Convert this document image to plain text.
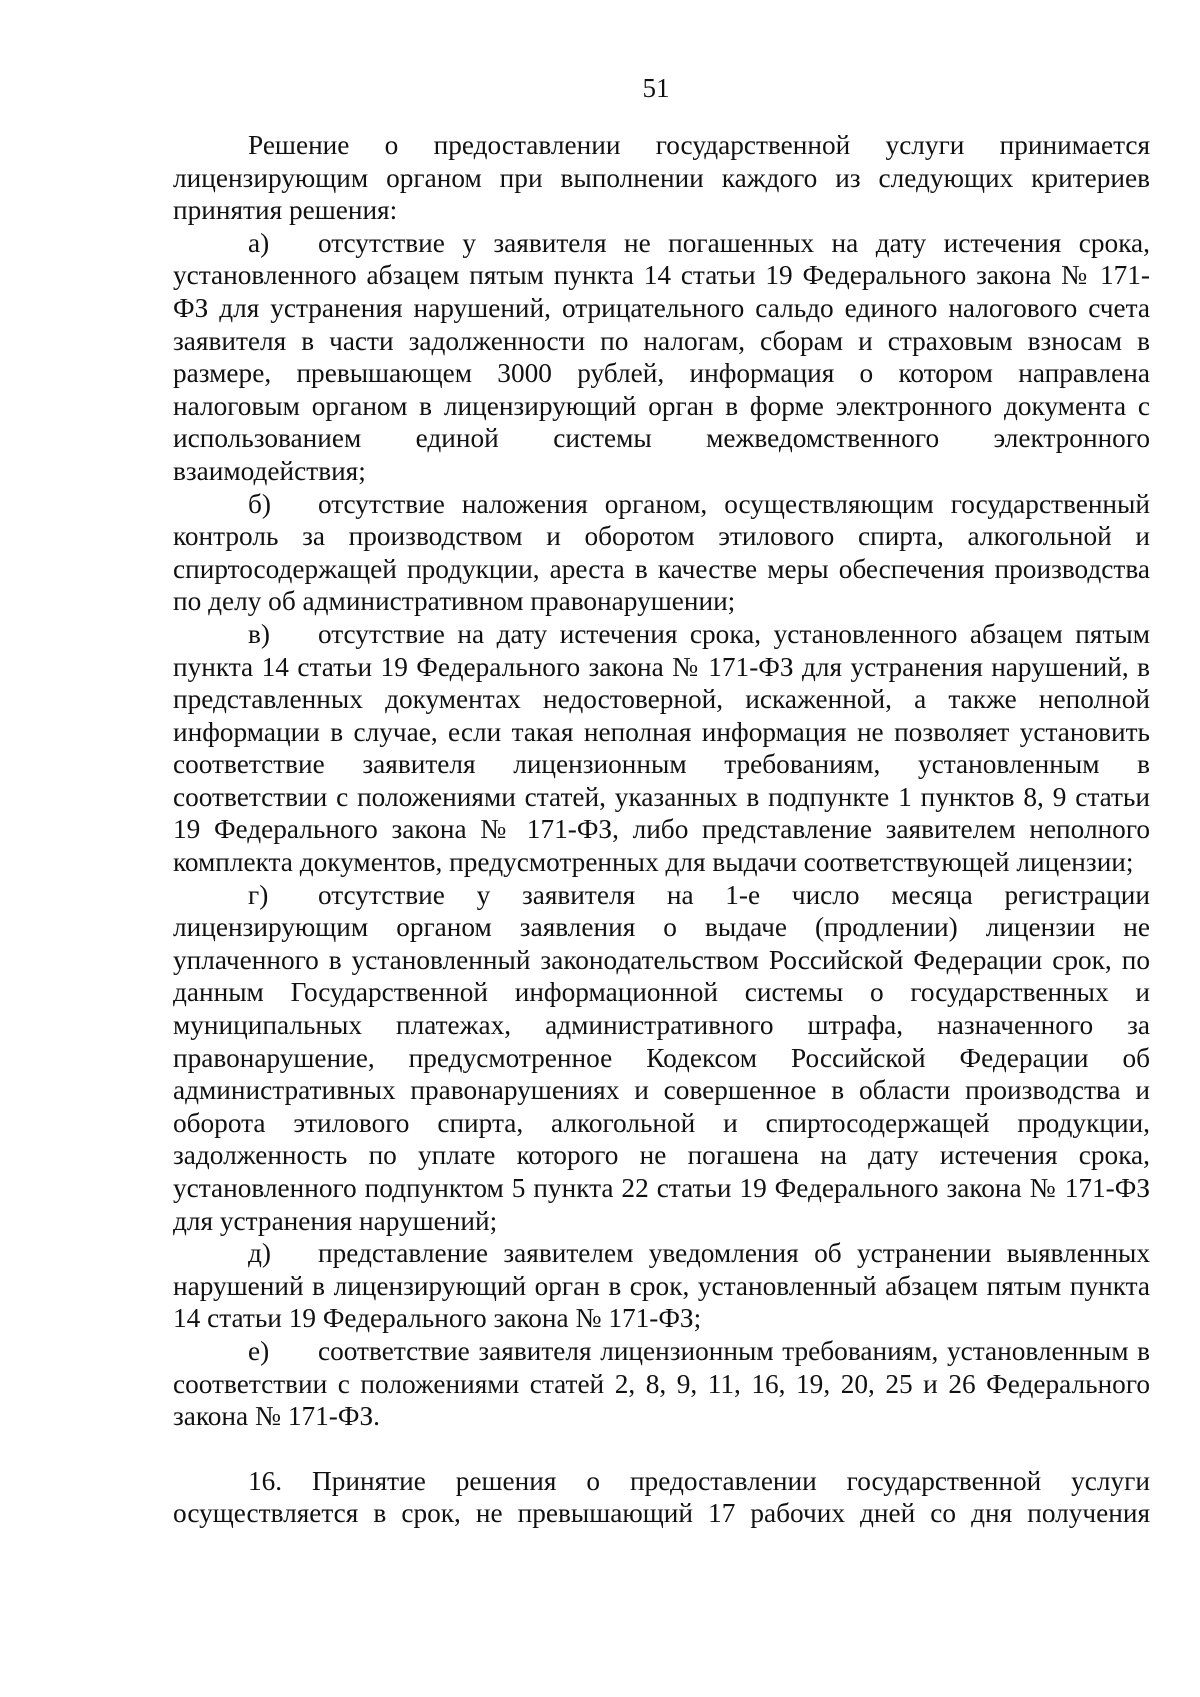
51

Решение о предоставлении государственной услуги принимается лицензирующим органом при выполнении каждого из следующих критериев принятия решения:

а) отсутствие у заявителя не погашенных на дату истечения срока, установленного абзацем пятым пункта 14 статьи 19 Федерального закона № 171-ФЗ для устранения нарушений, отрицательного сальдо единого налогового счета заявителя в части задолженности по налогам, сборам и страховым взносам в размере, превышающем 3000 рублей, информация о котором направлена налоговым органом в лицензирующий орган в форме электронного документа с использованием единой системы межведомственного электронного взаимодействия;

б) отсутствие наложения органом, осуществляющим государственный контроль за производством и оборотом этилового спирта, алкогольной и спиртосодержащей продукции, ареста в качестве меры обеспечения производства по делу об административном правонарушении;

в) отсутствие на дату истечения срока, установленного абзацем пятым пункта 14 статьи 19 Федерального закона № 171-ФЗ для устранения нарушений, в представленных документах недостоверной, искаженной, а также неполной информации в случае, если такая неполная информация не позволяет установить соответствие заявителя лицензионным требованиям, установленным в соответствии с положениями статей, указанных в подпункте 1 пунктов 8, 9 статьи 19 Федерального закона № 171-ФЗ, либо представление заявителем неполного комплекта документов, предусмотренных для выдачи соответствующей лицензии;

г) отсутствие у заявителя на 1-е число месяца регистрации лицензирующим органом заявления о выдаче (продлении) лицензии не уплаченного в установленный законодательством Российской Федерации срок, по данным Государственной информационной системы о государственных и муниципальных платежах, административного штрафа, назначенного за правонарушение, предусмотренное Кодексом Российской Федерации об административных правонарушениях и совершенное в области производства и оборота этилового спирта, алкогольной и спиртосодержащей продукции, задолженность по уплате которого не погашена на дату истечения срока, установленного подпунктом 5 пункта 22 статьи 19 Федерального закона № 171-ФЗ для устранения нарушений;

д) представление заявителем уведомления об устранении выявленных нарушений в лицензирующий орган в срок, установленный абзацем пятым пункта 14 статьи 19 Федерального закона № 171-ФЗ;

е) соответствие заявителя лицензионным требованиям, установленным в соответствии с положениями статей 2, 8, 9, 11, 16, 19, 20, 25 и 26 Федерального закона № 171-ФЗ.

16. Принятие решения о предоставлении государственной услуги осуществляется в срок, не превышающий 17 рабочих дней со дня получения
